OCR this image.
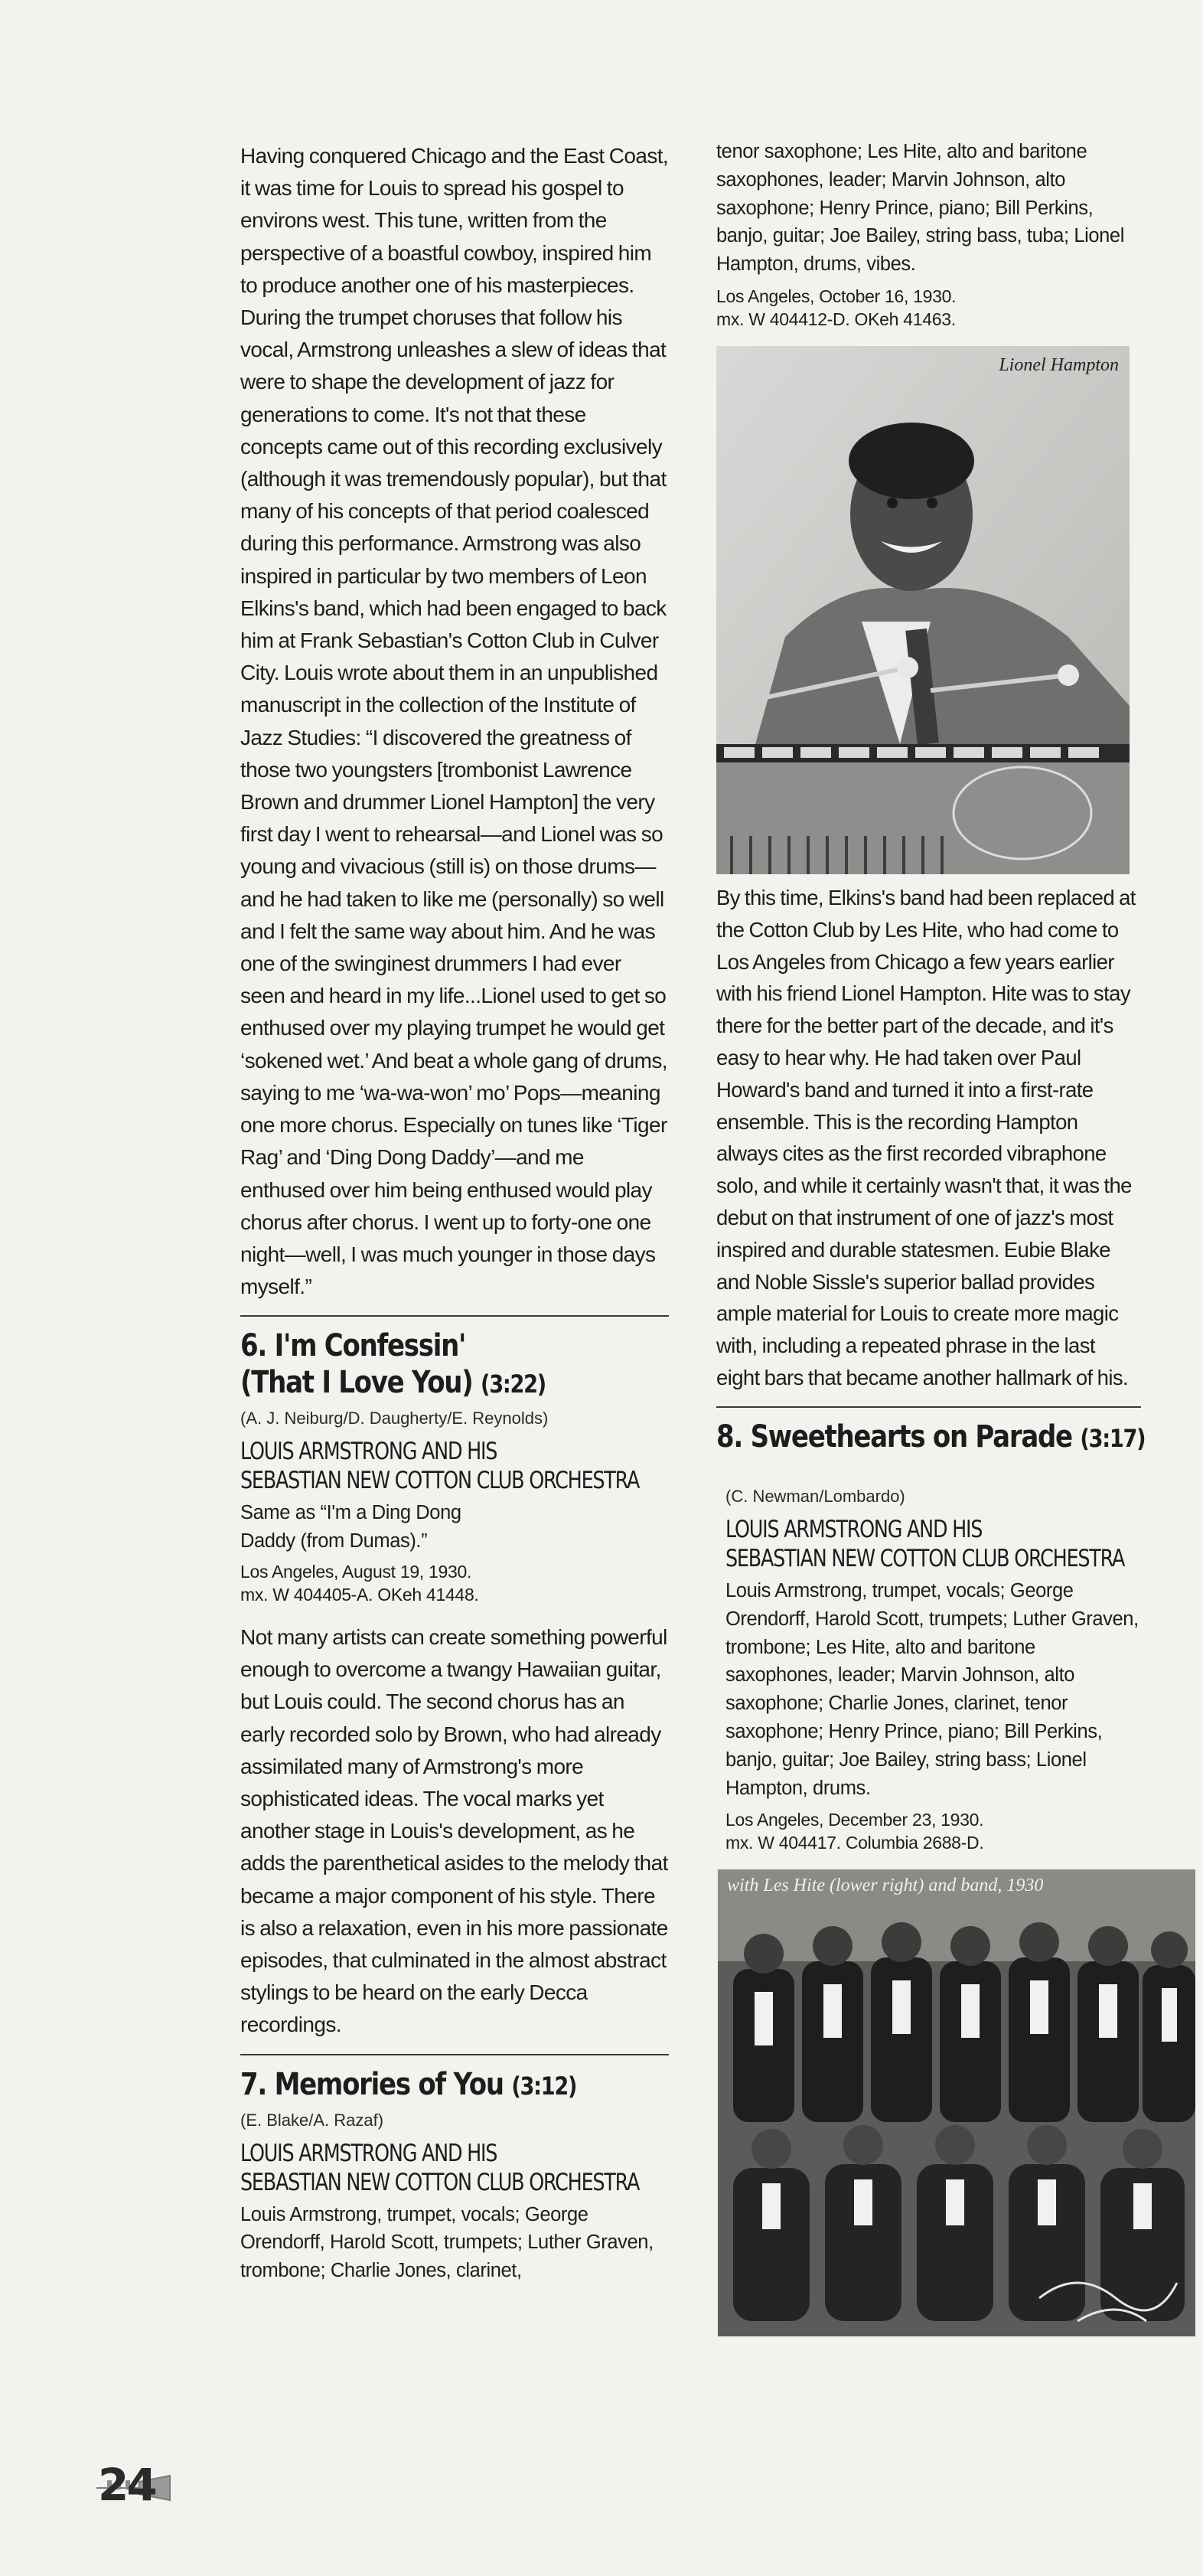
Having conquered Chicago and the East Coast, it was time for Louis to spread his gospel to environs west. This tune, written from the perspective of a boastful cowboy, inspired him to produce another one of his masterpieces. During the trumpet choruses that follow his vocal, Armstrong unleashes a slew of ideas that were to shape the development of jazz for generations to come. It's not that these concepts came out of this recording exclusively (although it was tremendously popular), but that many of his concepts of that period coalesced during this performance. Armstrong was also inspired in particular by two members of Leon Elkins's band, which had been engaged to back him at Frank Sebastian's Cotton Club in Culver City. Louis wrote about them in an unpublished manuscript in the collection of the Institute of Jazz Studies: “I discovered the greatness of those two youngsters [trombonist Lawrence Brown and drummer Lionel Hampton] the very first day I went to rehearsal—and Lionel was so young and vivacious (still is) on those drums—and he had taken to like me (personally) so well and I felt the same way about him. And he was one of the swinginest drummers I had ever seen and heard in my life...Lionel used to get so enthused over my playing trumpet he would get ‘sokened wet.’ And beat a whole gang of drums, saying to me ‘wa-wa-won’ mo’ Pops—meaning one more chorus. Especially on tunes like ‘Tiger Rag’ and ‘Ding Dong Daddy’—and me enthused over him being enthused would play chorus after chorus. I went up to forty-one one night—well, I was much younger in those days myself.”

6. I'm Confessin'
(That I Love You) (3:22)

(A. J. Neiburg/D. Daugherty/E. Reynolds)

LOUIS ARMSTRONG AND HIS
SEBASTIAN NEW COTTON CLUB ORCHESTRA

Same as “I'm a Ding Dong Daddy (from Dumas).”

Los Angeles, August 19, 1930.

mx. W 404405-A. OKeh 41448.

Not many artists can create something powerful enough to overcome a twangy Hawaiian guitar, but Louis could. The second chorus has an early recorded solo by Brown, who had already assimilated many of Armstrong's more sophisticated ideas. The vocal marks yet another stage in Louis's development, as he adds the parenthetical asides to the melody that became a major component of his style. There is also a relaxation, even in his more passionate episodes, that culminated in the almost abstract stylings to be heard on the early Decca recordings.

7. Memories of You (3:12)

(E. Blake/A. Razaf)

LOUIS ARMSTRONG AND HIS
SEBASTIAN NEW COTTON CLUB ORCHESTRA

Louis Armstrong, trumpet, vocals; George Orendorff, Harold Scott, trumpets; Luther Graven, trombone; Charlie Jones, clarinet,

tenor saxophone; Les Hite, alto and baritone saxophones, leader; Marvin Johnson, alto saxophone; Henry Prince, piano; Bill Perkins, banjo, guitar; Joe Bailey, string bass, tuba; Lionel Hampton, drums, vibes.

Los Angeles, October 16, 1930.

mx. W 404412-D. OKeh 41463.

Lionel Hampton

By this time, Elkins's band had been replaced at the Cotton Club by Les Hite, who had come to Los Angeles from Chicago a few years earlier with his friend Lionel Hampton. Hite was to stay there for the better part of the decade, and it's easy to hear why. He had taken over Paul Howard's band and turned it into a first-rate ensemble. This is the recording Hampton always cites as the first recorded vibraphone solo, and while it certainly wasn't that, it was the debut on that instrument of one of jazz's most inspired and durable statesmen. Eubie Blake and Noble Sissle's superior ballad provides ample material for Louis to create more magic with, including a repeated phrase in the last eight bars that became another hallmark of his.

8. Sweethearts on Parade (3:17)

(C. Newman/Lombardo)

LOUIS ARMSTRONG AND HIS
SEBASTIAN NEW COTTON CLUB ORCHESTRA

Louis Armstrong, trumpet, vocals; George Orendorff, Harold Scott, trumpets; Luther Graven, trombone; Les Hite, alto and baritone saxophones, leader; Marvin Johnson, alto saxophone; Charlie Jones, clarinet, tenor saxophone; Henry Prince, piano; Bill Perkins, banjo, guitar; Joe Bailey, string bass; Lionel Hampton, drums.

Los Angeles, December 23, 1930.

mx. W 404417. Columbia 2688-D.

with Les Hite (lower right) and band, 1930
24
